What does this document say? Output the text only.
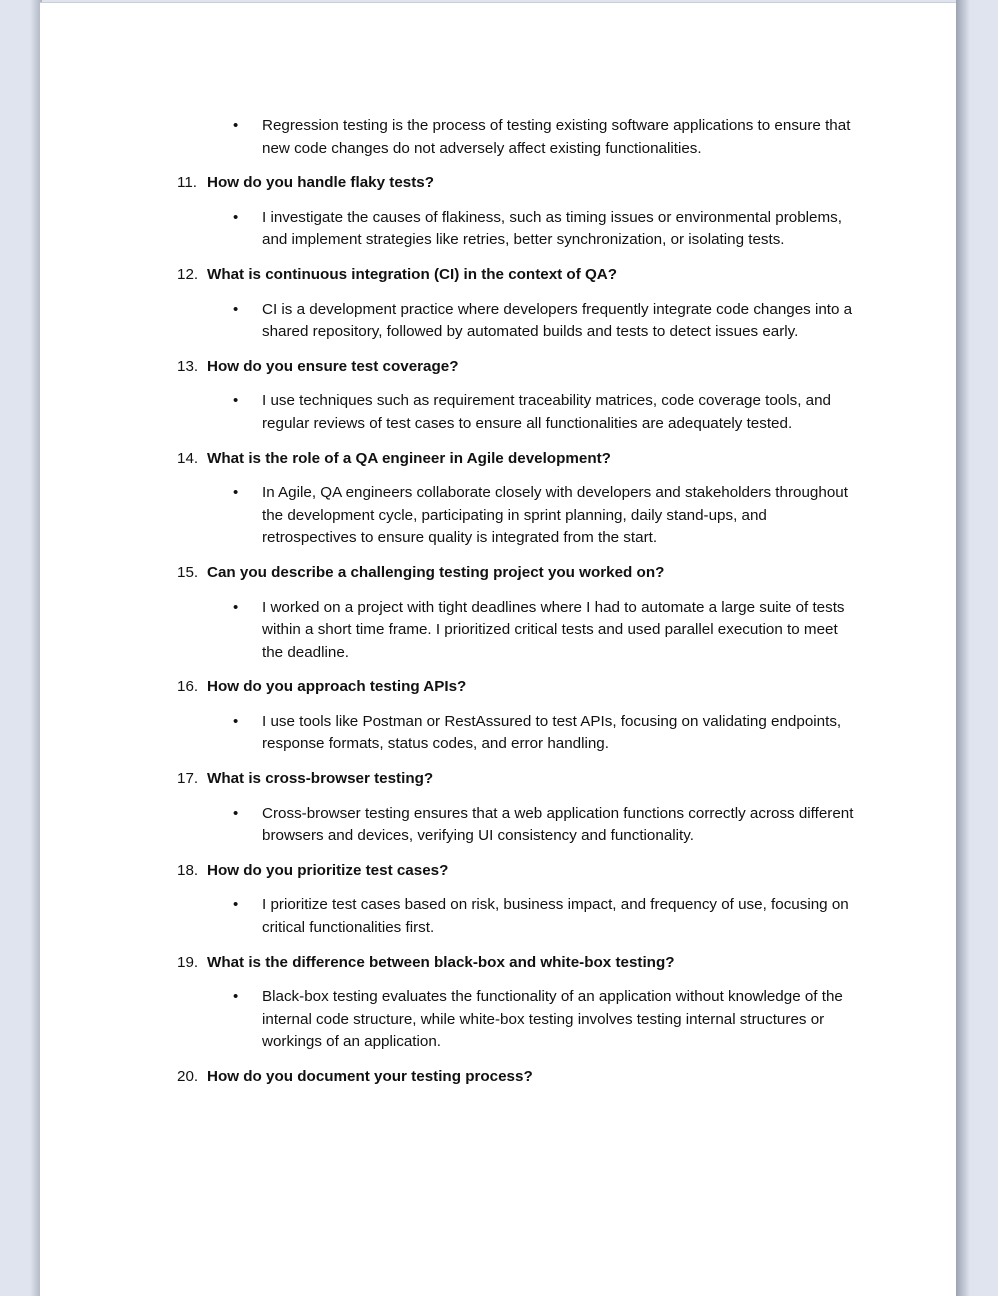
• Regression testing is the process of testing existing software applications to ensure that new code changes do not adversely affect existing functionalities.
11. How do you handle flaky tests?
• I investigate the causes of flakiness, such as timing issues or environmental problems, and implement strategies like retries, better synchronization, or isolating tests.
12. What is continuous integration (CI) in the context of QA?
• CI is a development practice where developers frequently integrate code changes into a shared repository, followed by automated builds and tests to detect issues early.
13. How do you ensure test coverage?
• I use techniques such as requirement traceability matrices, code coverage tools, and regular reviews of test cases to ensure all functionalities are adequately tested.
14. What is the role of a QA engineer in Agile development?
• In Agile, QA engineers collaborate closely with developers and stakeholders throughout the development cycle, participating in sprint planning, daily stand-ups, and retrospectives to ensure quality is integrated from the start.
15. Can you describe a challenging testing project you worked on?
• I worked on a project with tight deadlines where I had to automate a large suite of tests within a short time frame. I prioritized critical tests and used parallel execution to meet the deadline.
16. How do you approach testing APIs?
• I use tools like Postman or RestAssured to test APIs, focusing on validating endpoints, response formats, status codes, and error handling.
17. What is cross-browser testing?
• Cross-browser testing ensures that a web application functions correctly across different browsers and devices, verifying UI consistency and functionality.
18. How do you prioritize test cases?
• I prioritize test cases based on risk, business impact, and frequency of use, focusing on critical functionalities first.
19. What is the difference between black-box and white-box testing?
• Black-box testing evaluates the functionality of an application without knowledge of the internal code structure, while white-box testing involves testing internal structures or workings of an application.
20. How do you document your testing process?
